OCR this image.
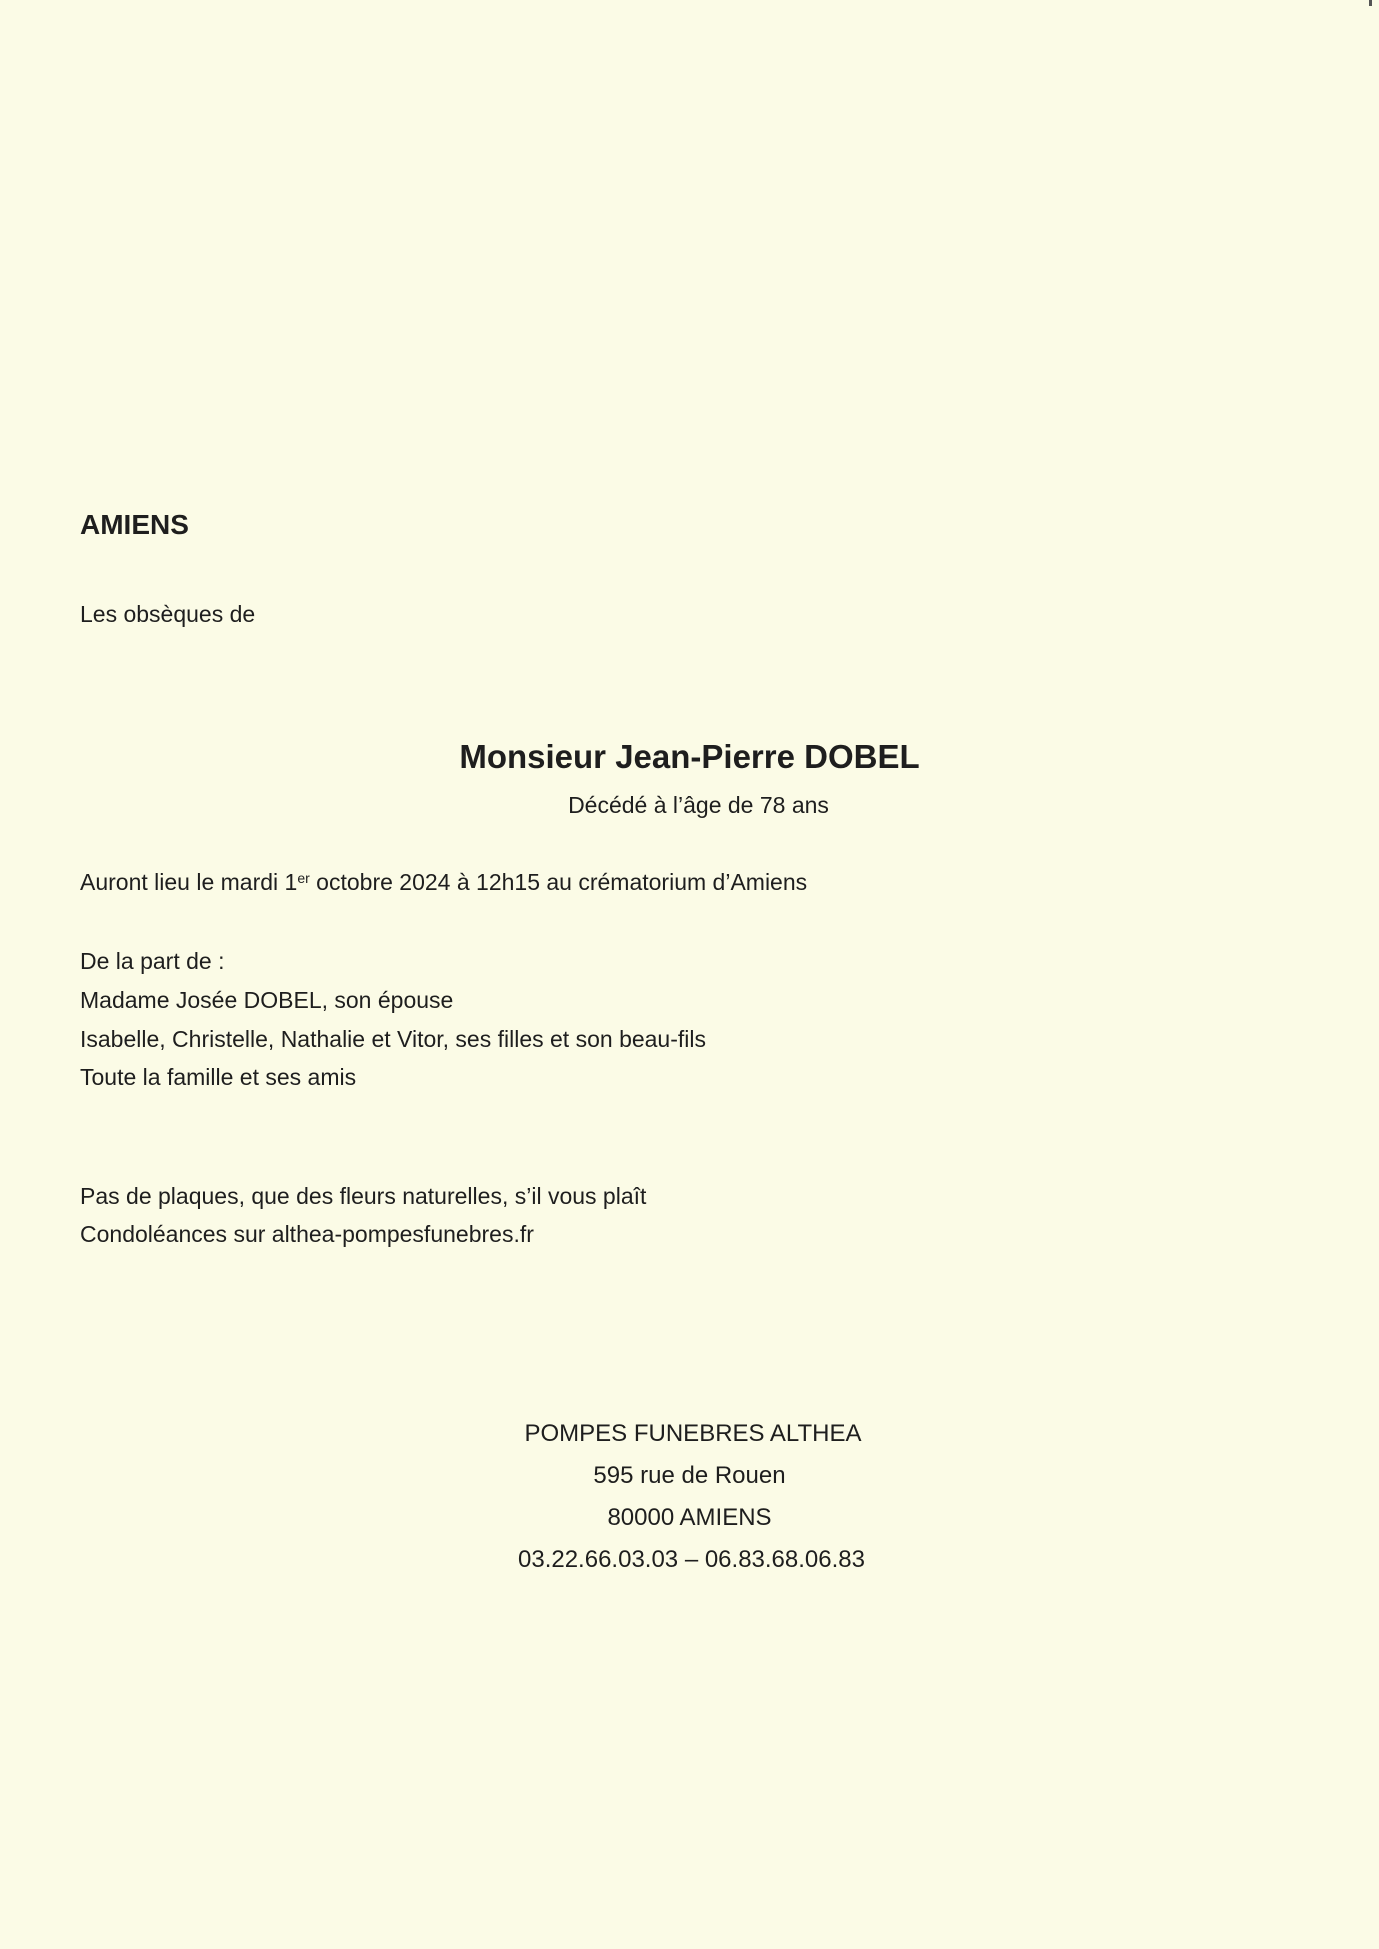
AMIENS
Les obsèques de
Monsieur Jean-Pierre DOBEL
Décédé à l’âge de 78 ans
Auront lieu le mardi 1er octobre 2024 à 12h15 au crématorium d’Amiens
De la part de :
Madame Josée DOBEL, son épouse
Isabelle, Christelle, Nathalie et Vitor, ses filles et son beau-fils
Toute la famille et ses amis
Pas de plaques, que des fleurs naturelles, s’il vous plaît
Condoléances sur althea-pompesfunebres.fr
POMPES FUNEBRES ALTHEA
595 rue de Rouen
80000 AMIENS
03.22.66.03.03 – 06.83.68.06.83
